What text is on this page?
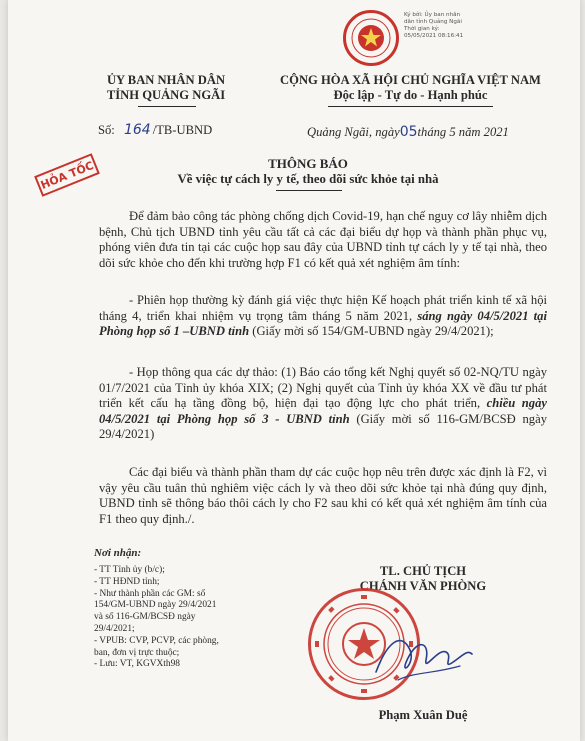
Ký bởi: Ủy ban nhân
dân tỉnh Quảng Ngãi
Thời gian ký:
05/05/2021 08:16:41
ỦY BAN NHÂN DÂN
TỈNH QUẢNG NGÃI
CỘNG HÒA XÃ HỘI CHỦ NGHĨA VIỆT NAM
Độc lập - Tự do - Hạnh phúc
Số: 164 /TB-UBND	Quảng Ngãi, ngày05tháng 5 năm 2021
HỎA TỐC	THÔNG BÁO
Về việc tự cách ly y tế, theo dõi sức khỏe tại nhà
Để đảm bảo công tác phòng chống dịch Covid-19, hạn chế nguy cơ lây nhiễm dịch bệnh, Chủ tịch UBND tỉnh yêu cầu tất cả các đại biểu dự họp và thành phần phục vụ, phóng viên đưa tin tại các cuộc họp sau đây của UBND tỉnh tự cách ly y tế tại nhà, theo dõi sức khỏe cho đến khi trường hợp F1 có kết quả xét nghiệm âm tính:
- Phiên họp thường kỳ đánh giá việc thực hiện Kế hoạch phát triển kinh tế xã hội tháng 4, triển khai nhiệm vụ trọng tâm tháng 5 năm 2021, sáng ngày 04/5/2021 tại Phòng họp số 1 –UBND tỉnh (Giấy mời số 154/GM-UBND ngày 29/4/2021);
- Họp thông qua các dự thảo: (1) Báo cáo tổng kết Nghị quyết số 02-NQ/TU ngày 01/7/2021 của Tỉnh ủy khóa XIX; (2) Nghị quyết của Tỉnh ủy khóa XX về đầu tư phát triển kết cấu hạ tầng đồng bộ, hiện đại tạo động lực cho phát triển, chiều ngày 04/5/2021 tại Phòng họp số 3 - UBND tỉnh (Giấy mời số 116-GM/BCSĐ ngày 29/4/2021)
Các đại biểu và thành phần tham dự các cuộc họp nêu trên được xác định là F2, vì vậy yêu cầu tuân thủ nghiêm việc cách ly và theo dõi sức khỏe tại nhà đúng quy định, UBND tỉnh sẽ thông báo thôi cách ly cho F2 sau khi có kết quả xét nghiệm âm tính của F1 theo quy định./.
Nơi nhận:
- TT Tỉnh ủy (b/c);
- TT HĐND tỉnh;
- Như thành phần các GM: số
154/GM-UBND ngày 29/4/2021
và số 116-GM/BCSĐ ngày
29/4/2021;
- VPUB: CVP, PCVP, các phòng,
ban, đơn vị trực thuộc;
- Lưu: VT, KGVXth98
TL. CHỦ TỊCH
CHÁNH VĂN PHÒNG
Phạm Xuân Duệ
